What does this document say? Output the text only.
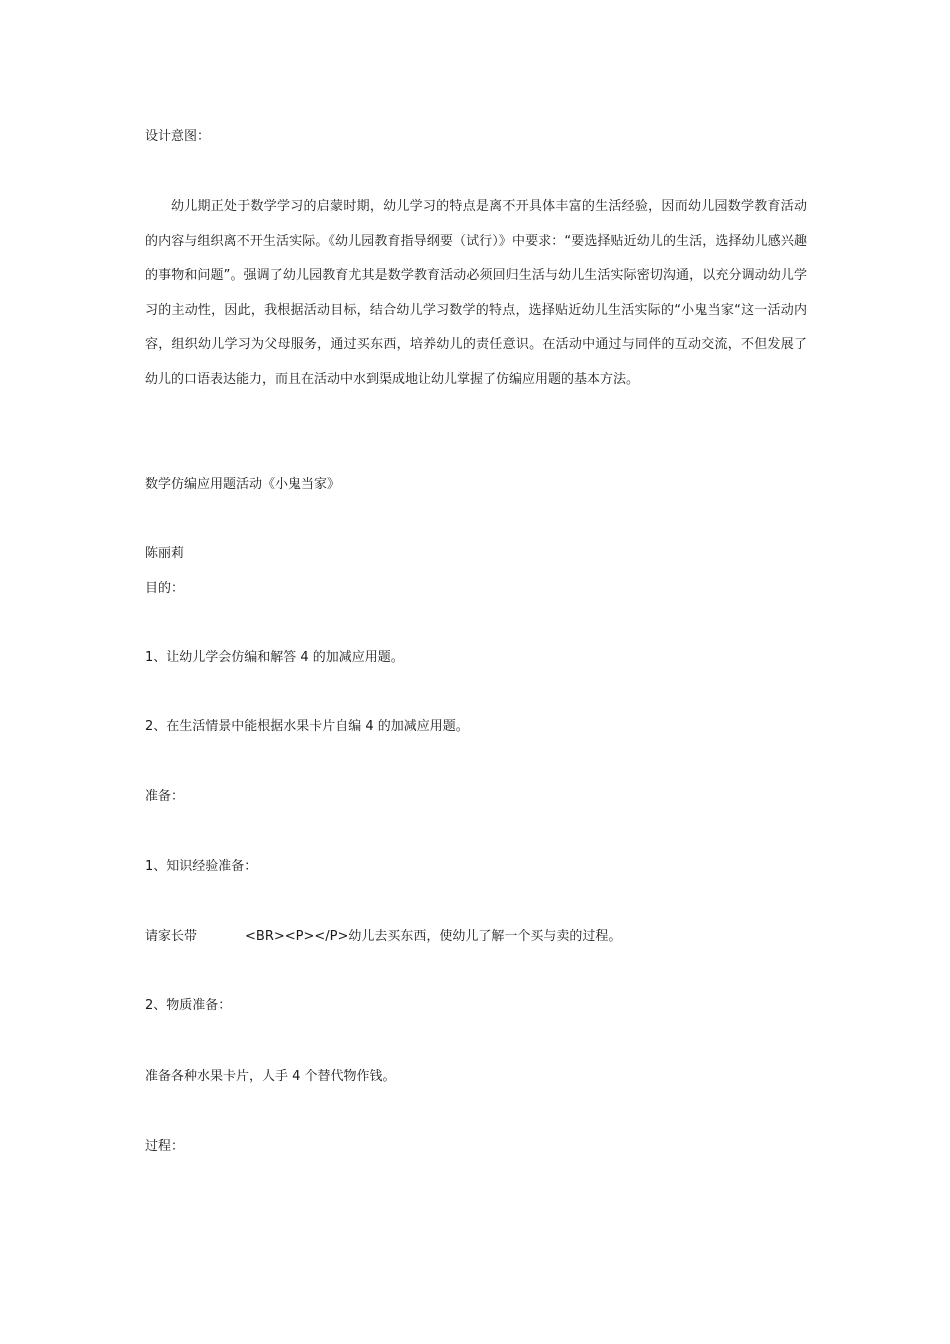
设计意图：
幼儿期正处于数学学习的启蒙时期，幼儿学习的特点是离不开具体丰富的生活经验，因而幼儿园数学教育活动的内容与组织离不开生活实际。《幼儿园教育指导纲要（试行）》中要求：“要选择贴近幼儿的生活，选择幼儿感兴趣的事物和问题”。强调了幼儿园教育尤其是数学教育活动必须回归生活与幼儿生活实际密切沟通，以充分调动幼儿学习的主动性，因此，我根据活动目标，结合幼儿学习数学的特点，选择贴近幼儿生活实际的“小鬼当家“这一活动内容，组织幼儿学习为父母服务，通过买东西，培养幼儿的责任意识。在活动中通过与同伴的互动交流，不但发展了幼儿的口语表达能力，而且在活动中水到渠成地让幼儿掌握了仿编应用题的基本方法。
数学仿编应用题活动《小鬼当家》
陈丽莉
目的：
1、让幼儿学会仿编和解答 4 的加减应用题。
2、在生活情景中能根据水果卡片自编 4 的加减应用题。
准备：
1、知识经验准备：
请家长带	<BR><P></P>幼儿去买东西，使幼儿了解一个买与卖的过程。
2、物质准备：
准备各种水果卡片，人手 4 个替代物作钱。
过程：
